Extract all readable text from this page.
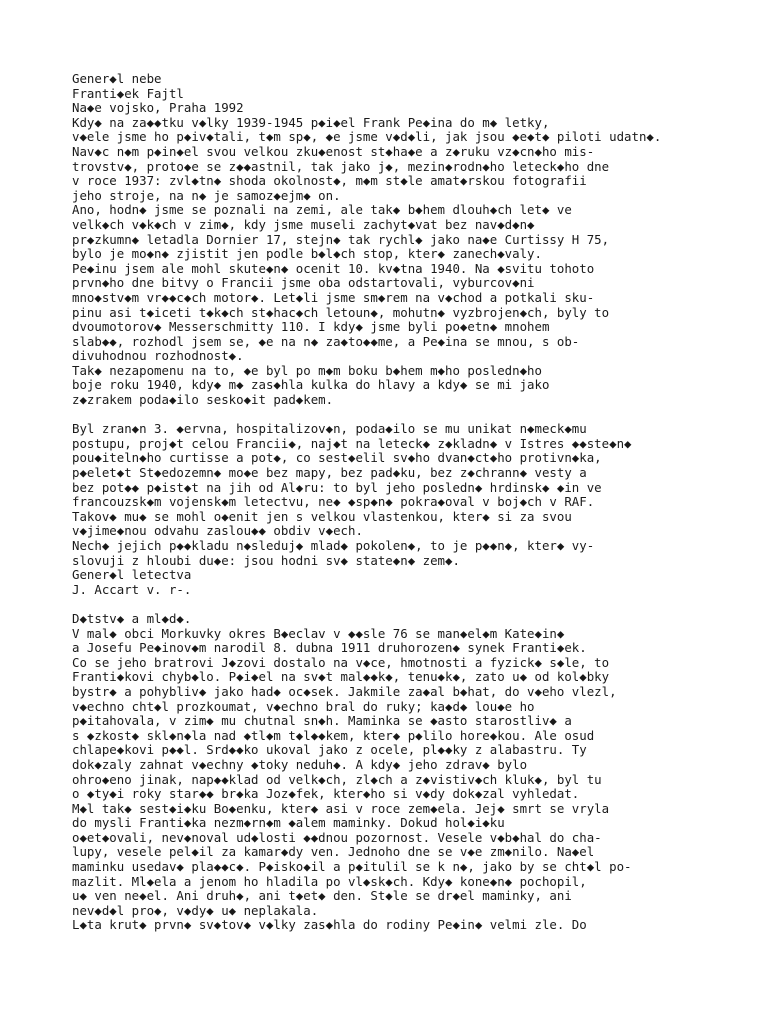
Gener◆l nebe
Franti◆ek Fajtl
Na◆e vojsko, Praha 1992
Kdy◆ na za◆◆tku v◆lky 1939-1945 p◆i◆el Frank Pe◆ina do m◆ letky,
v◆ele jsme ho p◆iv◆tali, t◆m sp◆, ◆e jsme v◆d◆li, jak jsou ◆e◆t◆ piloti udatn◆.
Nav◆c n◆m p◆in◆el svou velkou zku◆enost st◆ha◆e a z◆ruku vz◆cn◆ho mis-
trovstv◆, proto◆e se z◆◆astnil, tak jako j◆, mezin◆rodn◆ho leteck◆ho dne
v roce 1937: zvl◆tn◆ shoda okolnost◆, m◆m st◆le amat◆rskou fotografii
jeho stroje, na n◆ je samoz◆ejm◆ on.
Ano, hodn◆ jsme se poznali na zemi, ale tak◆ b◆hem dlouh◆ch let◆ ve
velk◆ch v◆k◆ch v zim◆, kdy jsme museli zachyt◆vat bez nav◆d◆n◆
pr◆zkumn◆ letadla Dornier 17, stejn◆ tak rychl◆ jako na◆e Curtissy H 75,
bylo je mo◆n◆ zjistit jen podle b◆l◆ch stop, kter◆ zanech◆valy.
Pe◆inu jsem ale mohl skute◆n◆ ocenit 10. kv◆tna 1940. Na ◆svitu tohoto
prvn◆ho dne bitvy o Francii jsme oba odstartovali, vyburcov◆ni
mno◆stv◆m vr◆◆c◆ch motor◆. Let◆li jsme sm◆rem na v◆chod a potkali sku-
pinu asi t◆iceti t◆k◆ch st◆hac◆ch letoun◆, mohutn◆ vyzbrojen◆ch, byly to
dvoumotorov◆ Messerschmitty 110. I kdy◆ jsme byli po◆etn◆ mnohem
slab◆◆, rozhodl jsem se, ◆e na n◆ za◆to◆◆me, a Pe◆ina se mnou, s ob-
divuhodnou rozhodnost◆.
Tak◆ nezapomenu na to, ◆e byl po m◆m boku b◆hem m◆ho posledn◆ho
boje roku 1940, kdy◆ m◆ zas◆hla kulka do hlavy a kdy◆ se mi jako
z◆zrakem poda◆ilo sesko◆it pad◆kem.
Byl zran◆n 3. ◆ervna, hospitalizov◆n, poda◆ilo se mu unikat n◆meck◆mu
postupu, proj◆t celou Francii◆, naj◆t na leteck◆ z◆kladn◆ v Istres ◆◆ste◆n◆
pou◆iteln◆ho curtisse a pot◆, co sest◆elil sv◆ho dvan◆ct◆ho protivn◆ka,
p◆elet◆t St◆edozemn◆ mo◆e bez mapy, bez pad◆ku, bez z◆chrann◆ vesty a
bez pot◆◆ p◆ist◆t na jih od Al◆ru: to byl jeho posledn◆ hrdinsk◆ ◆in ve
francouzsk◆m vojensk◆m letectvu, ne◆ ◆sp◆n◆ pokra◆oval v boj◆ch v RAF.
Takov◆ mu◆ se mohl o◆enit jen s velkou vlastenkou, kter◆ si za svou
v◆jime◆nou odvahu zaslou◆◆ obdiv v◆ech.
Nech◆ jejich p◆◆kladu n◆sleduj◆ mlad◆ pokolen◆, to je p◆◆n◆, kter◆ vy-
slovuji z hloubi du◆e: jsou hodni sv◆ state◆n◆ zem◆.
Gener◆l letectva
J. Accart v. r-.
D◆tstv◆ a ml◆d◆.
V mal◆ obci Morkuvky okres B◆eclav v ◆◆sle 76 se man◆el◆m Kate◆in◆
a Josefu Pe◆inov◆m narodil 8. dubna 1911 druhorozen◆ synek Franti◆ek.
Co se jeho bratrovi J◆zovi dostalo na v◆ce, hmotnosti a fyzick◆ s◆le, to
Franti◆kovi chyb◆lo. P◆i◆el na sv◆t mal◆◆k◆, tenu◆k◆, zato u◆ od kol◆bky
bystr◆ a pohybliv◆ jako had◆ oc◆sek. Jakmile za◆al b◆hat, do v◆eho vlezl,
v◆echno cht◆l prozkoumat, v◆echno bral do ruky; ka◆d◆ lou◆e ho
p◆itahovala, v zim◆ mu chutnal sn◆h. Maminka se ◆asto starostliv◆ a
s ◆zkost◆ skl◆n◆la nad ◆tl◆m t◆l◆◆kem, kter◆ p◆lilo hore◆kou. Ale osud
chlape◆kovi p◆◆l. Srd◆◆ko ukoval jako z ocele, pl◆◆ky z alabastru. Ty
dok◆zaly zahnat v◆echny ◆toky neduh◆. A kdy◆ jeho zdrav◆ bylo
ohro◆eno jinak, nap◆◆klad od velk◆ch, zl◆ch a z◆vistiv◆ch kluk◆, byl tu
o ◆ty◆i roky star◆◆ br◆ka Joz◆fek, kter◆ho si v◆dy dok◆zal vyhledat.
M◆l tak◆ sest◆i◆ku Bo◆enku, kter◆ asi v roce zem◆ela. Jej◆ smrt se vryla
do mysli Franti◆ka nezm◆rn◆m ◆alem maminky. Dokud hol◆i◆ku
o◆et◆ovali, nev◆noval ud◆losti ◆◆dnou pozornost. Vesele v◆b◆hal do cha-
lupy, vesele pel◆il za kamar◆dy ven. Jednoho dne se v◆e zm◆nilo. Na◆el
maminku usedav◆ pla◆◆c◆. P◆isko◆il a p◆itulil se k n◆, jako by se cht◆l po-
mazlit. Ml◆ela a jenom ho hladila po vl◆sk◆ch. Kdy◆ kone◆n◆ pochopil,
u◆ ven ne◆el. Ani druh◆, ani t◆et◆ den. St◆le se dr◆el maminky, ani
nev◆d◆l pro◆, v◆dy◆ u◆ neplakala.
L◆ta krut◆ prvn◆ sv◆tov◆ v◆lky zas◆hla do rodiny Pe◆in◆ velmi zle. Do
